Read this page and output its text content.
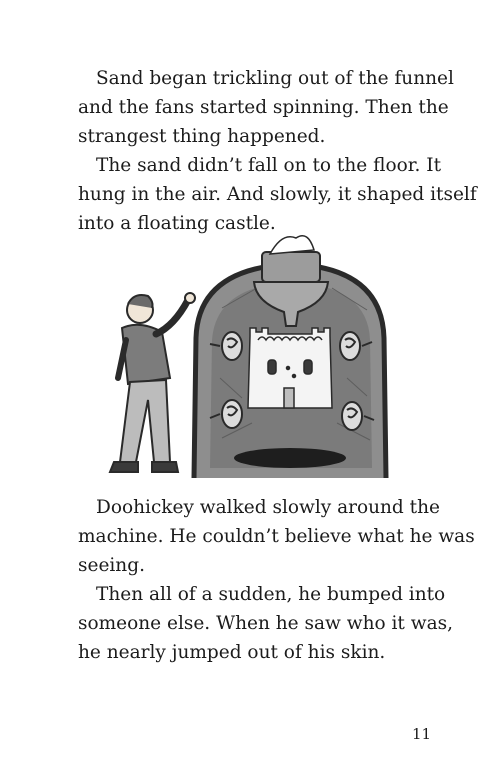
Sand began trickling out of the funnel and the fans started spinning. Then the strangest thing happened.

The sand didn’t fall on to the floor. It hung in the air. And slowly, it shaped itself into a floating castle.

Doohickey walked slowly around the machine. He couldn’t believe what he was seeing.

Then all of a sudden, he bumped into someone else. When he saw who it was, he nearly jumped out of his skin.

11
